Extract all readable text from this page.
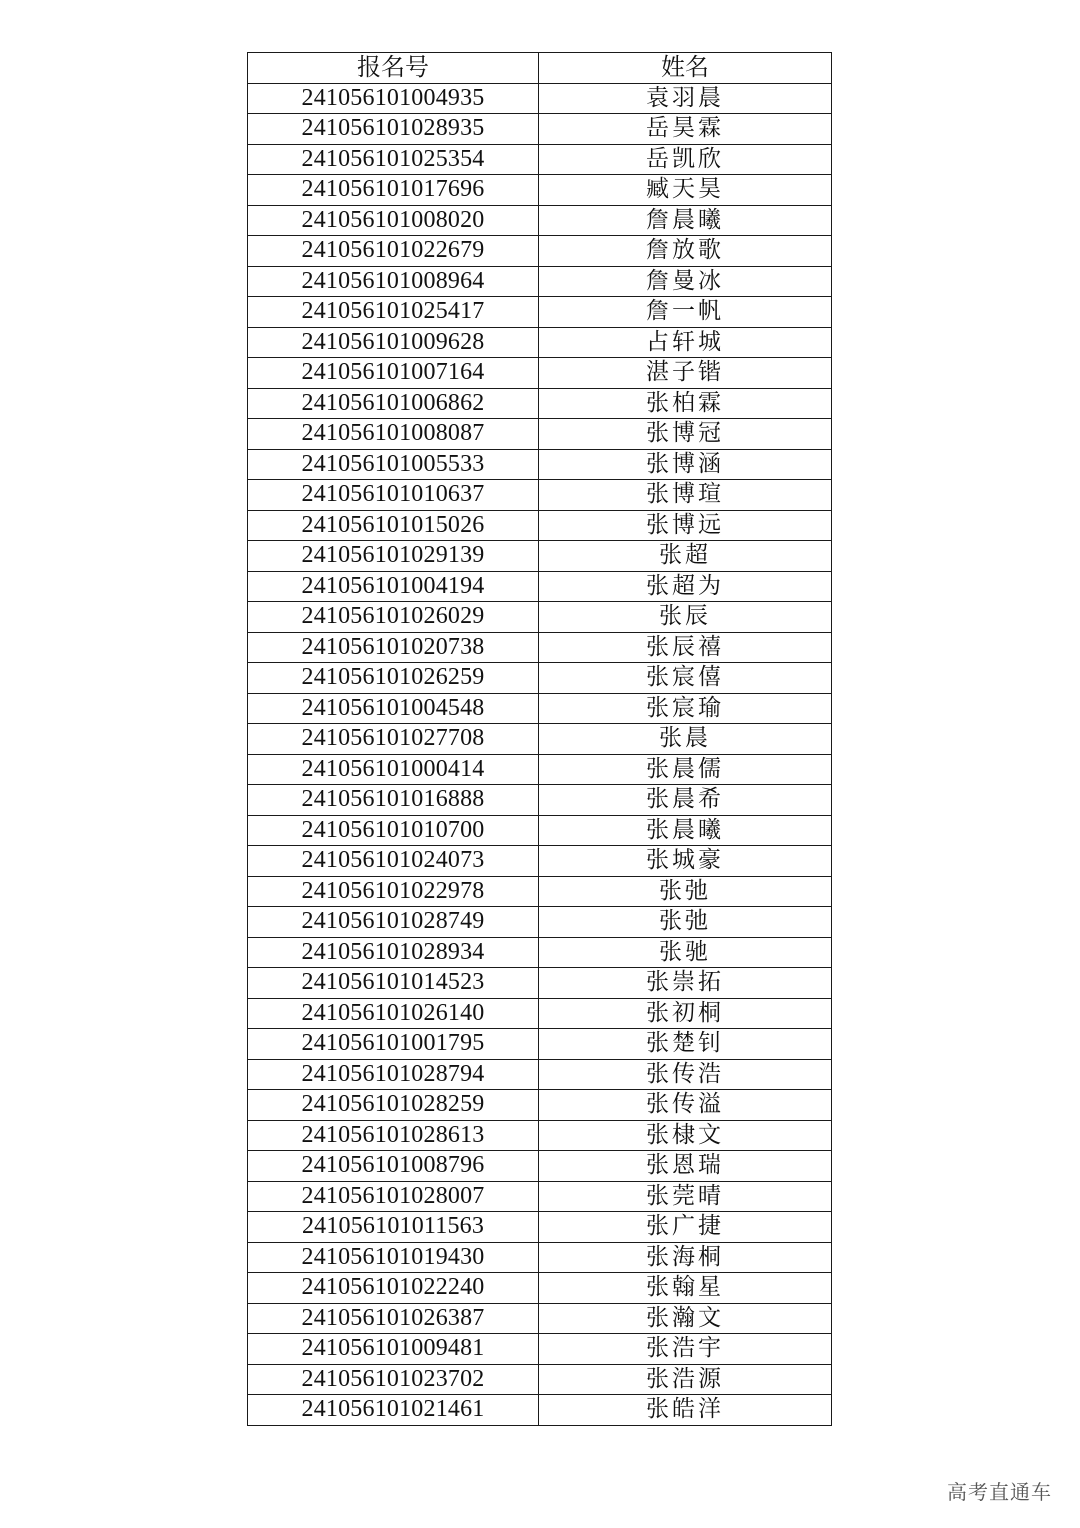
报名号	姓名
241056101004935	袁羽晨
241056101028935	岳昊霖
241056101025354	岳凯欣
241056101017696	臧天昊
241056101008020	詹晨曦
241056101022679	詹放歌
241056101008964	詹曼冰
241056101025417	詹一帆
241056101009628	占轩城
241056101007164	湛子锴
241056101006862	张柏霖
241056101008087	张博冠
241056101005533	张博涵
241056101010637	张博瑄
241056101015026	张博远
241056101029139	张超
241056101004194	张超为
241056101026029	张辰
241056101020738	张辰禧
241056101026259	张宸僖
241056101004548	张宸瑜
241056101027708	张晨
241056101000414	张晨儒
241056101016888	张晨希
241056101010700	张晨曦
241056101024073	张城豪
241056101022978	张弛
241056101028749	张弛
241056101028934	张驰
241056101014523	张崇拓
241056101026140	张初桐
241056101001795	张楚钊
241056101028794	张传浩
241056101028259	张传溢
241056101028613	张棣文
241056101008796	张恩瑞
241056101028007	张莞晴
241056101011563	张广捷
241056101019430	张海桐
241056101022240	张翰星
241056101026387	张瀚文
241056101009481	张浩宇
241056101023702	张浩源
241056101021461	张皓洋
高考直通车
